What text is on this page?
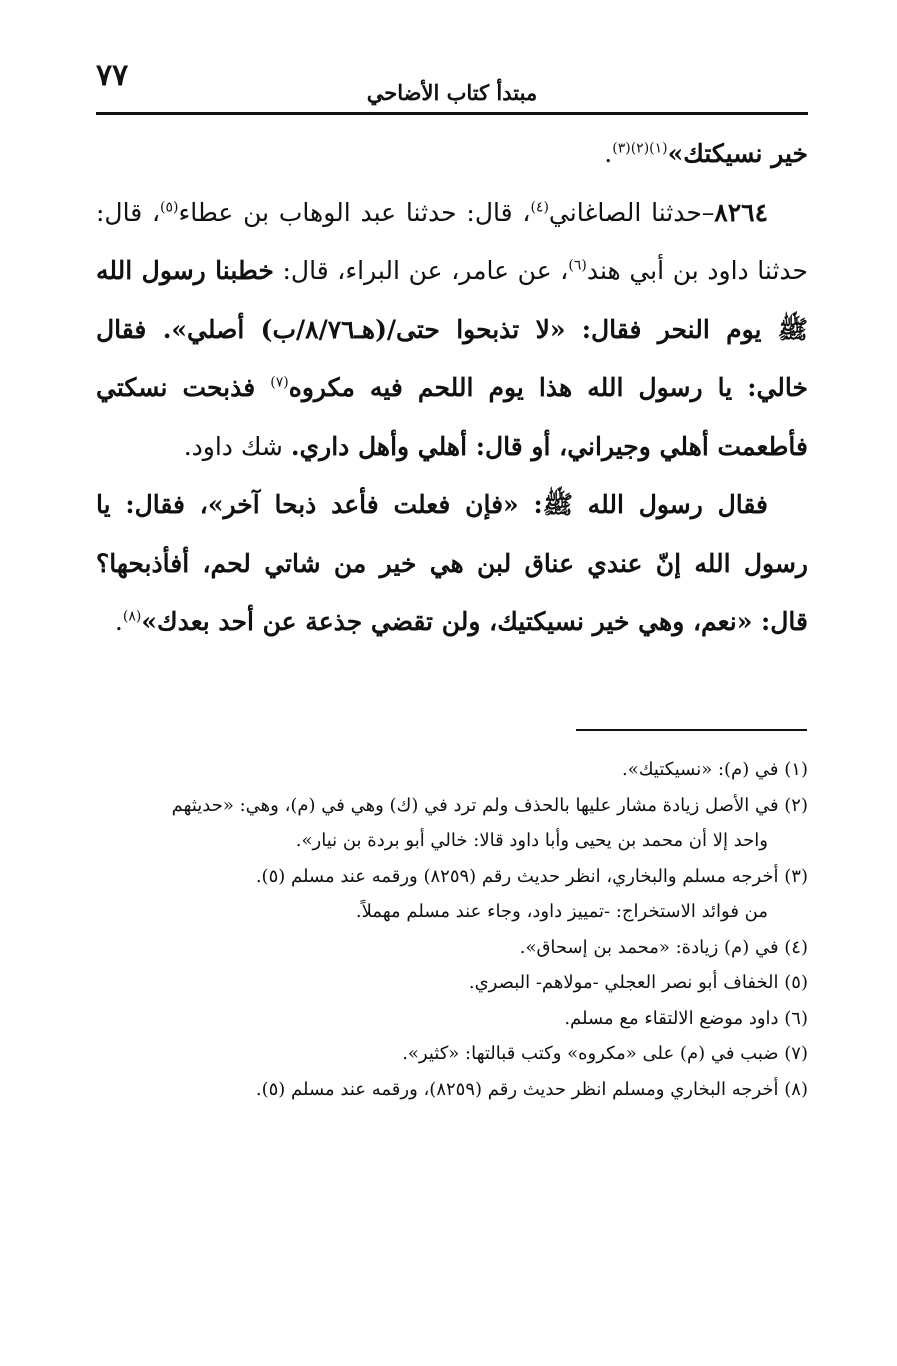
٧٧	مبتدأ كتاب الأضاحي

خير نسيكتك»$^{(١)(٢)(٣)}$.

٨٢٦٤–حدثنا الصاغاني$^{(٤)}$، قال: حدثنا عبد الوهاب بن عطاء$^{(٥)}$، قال: حدثنا داود بن أبي هند$^{(٦)}$، عن عامر، عن البراء، قال: خطبنا رسول الله ﷺ يوم النحر فقال: «لا تذبحوا حتى/(هـ٨/٧٦/ب) أصلي». فقال خالي: يا رسول الله هذا يوم اللحم فيه مكروه$^{(٧)}$ فذبحت نسكتي فأطعمت أهلي وجيراني، أو قال: أهلي وأهل داري. شك داود.

فقال رسول الله ﷺ: «فإن فعلت فأعد ذبحا آخر»، فقال: يا رسول الله إنّ عندي عناق لبن هي خير من شاتي لحم، أفأذبحها؟ قال: «نعم، وهي خير نسيكتيك، ولن تقضي جذعة عن أحد بعدك»$^{(٨)}$.

(١) في (م): «نسيكتيك».

(٢) في الأصل زيادة مشار عليها بالحذف ولم ترد في (ك) وهي في (م)، وهي: «حديثهم

واحد إلا أن محمد بن يحيى وأبا داود قالا: خالي أبو بردة بن نيار».

(٣) أخرجه مسلم والبخاري، انظر حديث رقم (٨٢٥٩) ورقمه عند مسلم (٥).

من فوائد الاستخراج: -تمييز داود، وجاء عند مسلم مهملاً.

(٤) في (م) زيادة: «محمد بن إسحاق».

(٥) الخفاف أبو نصر العجلي -مولاهم- البصري.

(٦) داود موضع الالتقاء مع مسلم.

(٧) ضبب في (م) على «مكروه» وكتب قبالتها: «كثير».

(٨) أخرجه البخاري ومسلم انظر حديث رقم (٨٢٥٩)، ورقمه عند مسلم (٥).
